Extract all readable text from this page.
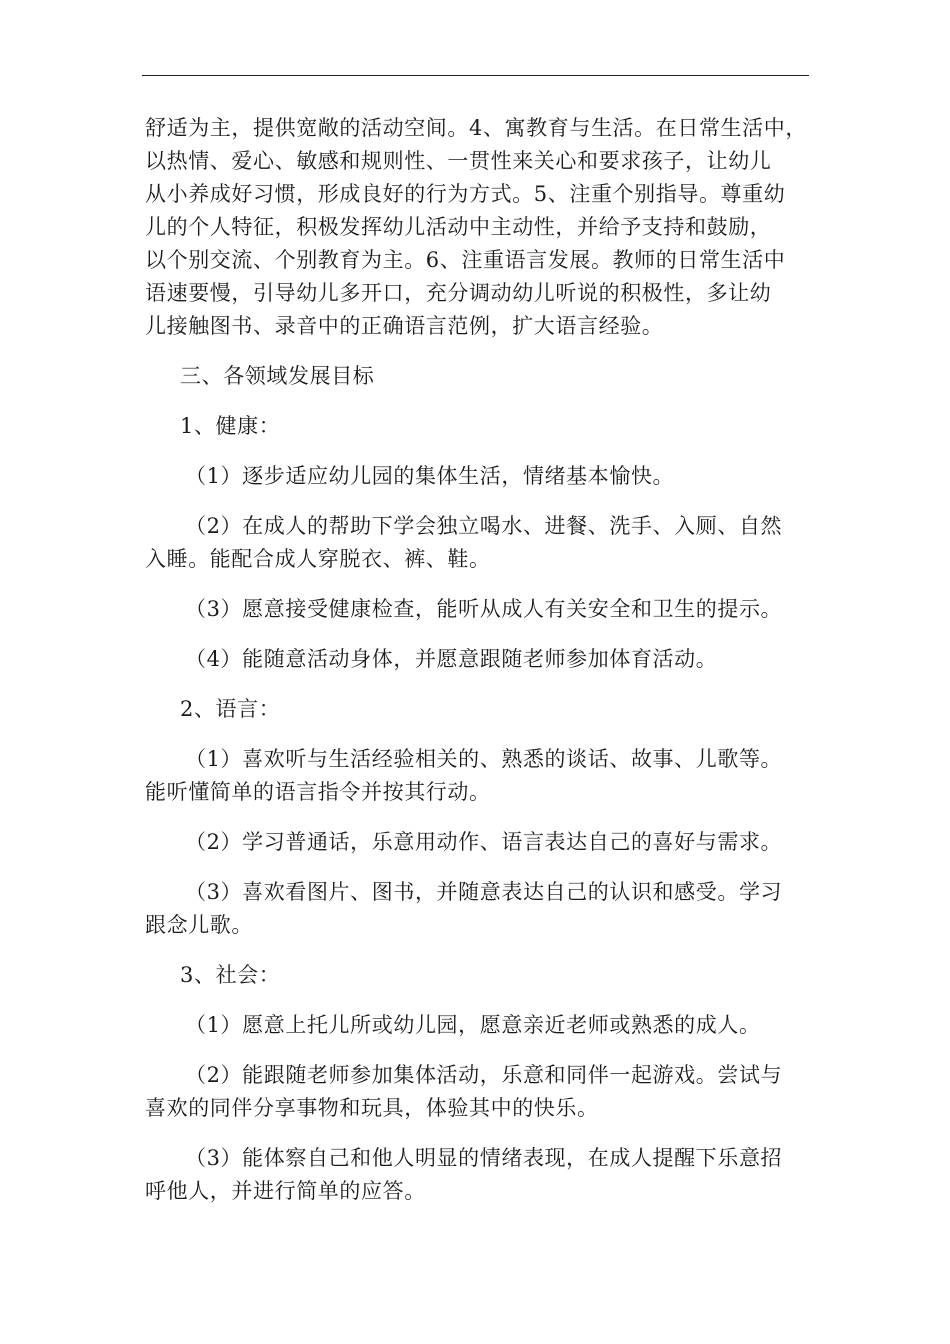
舒适为主，提供宽敞的活动空间。4、寓教育与生活。在日常生活中，
以热情、爱心、敏感和规则性、一贯性来关心和要求孩子，让幼儿
从小养成好习惯，形成良好的行为方式。5、注重个别指导。尊重幼
儿的个人特征，积极发挥幼儿活动中主动性，并给予支持和鼓励，
以个别交流、个别教育为主。6、注重语言发展。教师的日常生活中
语速要慢，引导幼儿多开口，充分调动幼儿听说的积极性，多让幼
儿接触图书、录音中的正确语言范例，扩大语言经验。

三、各领域发展目标

1、健康：

（1）逐步适应幼儿园的集体生活，情绪基本愉快。

（2）在成人的帮助下学会独立喝水、进餐、洗手、入厕、自然
入睡。能配合成人穿脱衣、裤、鞋。

（3）愿意接受健康检查，能听从成人有关安全和卫生的提示。

（4）能随意活动身体，并愿意跟随老师参加体育活动。

2、语言：

（1）喜欢听与生活经验相关的、熟悉的谈话、故事、儿歌等。
能听懂简单的语言指令并按其行动。

（2）学习普通话，乐意用动作、语言表达自己的喜好与需求。

（3）喜欢看图片、图书，并随意表达自己的认识和感受。学习
跟念儿歌。

3、社会：

（1）愿意上托儿所或幼儿园，愿意亲近老师或熟悉的成人。

（2）能跟随老师参加集体活动，乐意和同伴一起游戏。尝试与
喜欢的同伴分享事物和玩具，体验其中的快乐。

（3）能体察自己和他人明显的情绪表现，在成人提醒下乐意招
呼他人，并进行简单的应答。
